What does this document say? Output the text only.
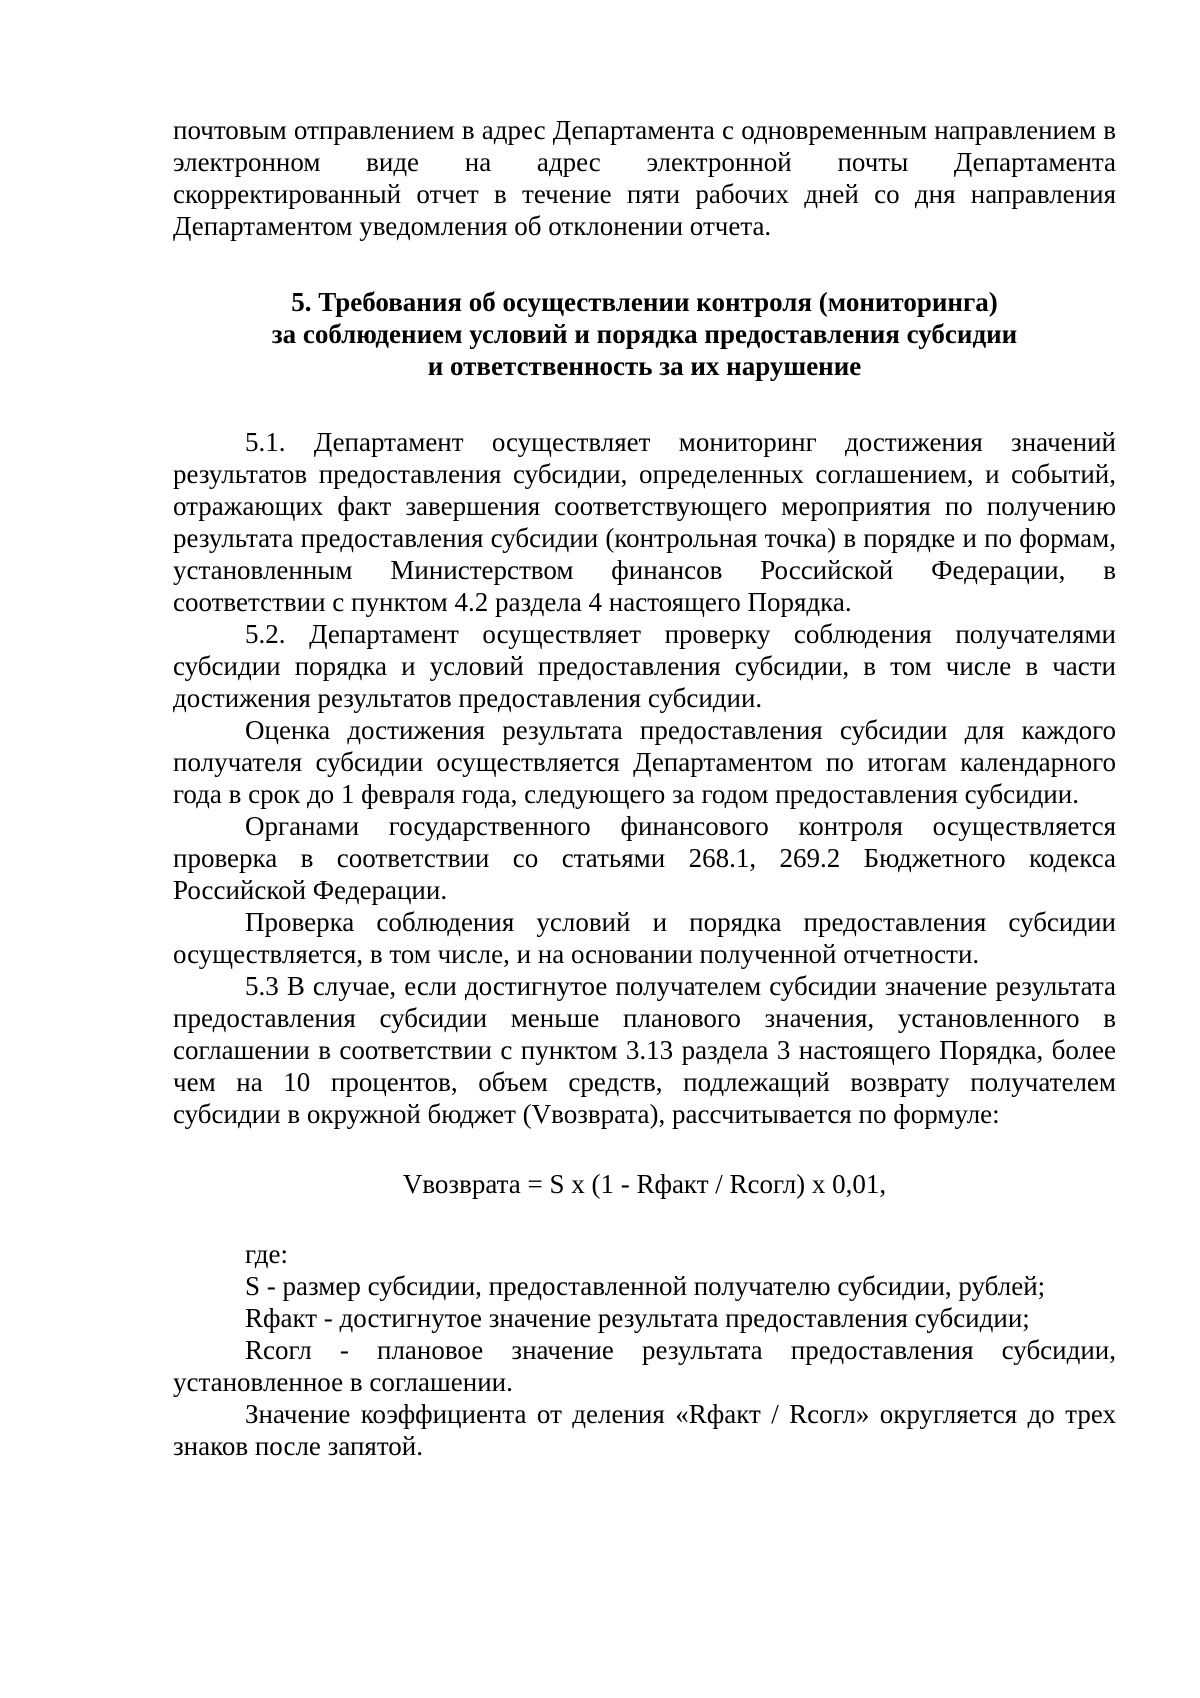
почтовым отправлением в адрес Департамента с одновременным направлением в электронном виде на адрес электронной почты Департамента скорректированный отчет в течение пяти рабочих дней со дня направления Департаментом уведомления об отклонении отчета.

5. Требования об осуществлении контроля (мониторинга)
за соблюдением условий и порядка предоставления субсидии
и ответственность за их нарушение

5.1. Департамент осуществляет мониторинг достижения значений результатов предоставления субсидии, определенных соглашением, и событий, отражающих факт завершения соответствующего мероприятия по получению результата предоставления субсидии (контрольная точка) в порядке и по формам, установленным Министерством финансов Российской Федерации, в соответствии с пунктом 4.2 раздела 4 настоящего Порядка.

5.2. Департамент осуществляет проверку соблюдения получателями субсидии порядка и условий предоставления субсидии, в том числе в части достижения результатов предоставления субсидии.

Оценка достижения результата предоставления субсидии для каждого получателя субсидии осуществляется Департаментом по итогам календарного года в срок до 1 февраля года, следующего за годом предоставления субсидии.

Органами государственного финансового контроля осуществляется проверка в соответствии со статьями 268.1, 269.2 Бюджетного кодекса Российской Федерации.

Проверка соблюдения условий и порядка предоставления субсидии осуществляется, в том числе, и на основании полученной отчетности.

5.3 В случае, если достигнутое получателем субсидии значение результата предоставления субсидии меньше планового значения, установленного в соглашении в соответствии с пунктом 3.13 раздела 3 настоящего Порядка, более чем на 10 процентов, объем средств, подлежащий возврату получателем субсидии в окружной бюджет (Vвозврата), рассчитывается по формуле:

Vвозврата = S x (1 - Rфакт / Rсогл) x 0,01,

где:

S - размер субсидии, предоставленной получателю субсидии, рублей;

Rфакт - достигнутое значение результата предоставления субсидии;

Rсогл - плановое значение результата предоставления субсидии, установленное в соглашении.

Значение коэффициента от деления «Rфакт / Rсогл» округляется до трех знаков после запятой.
